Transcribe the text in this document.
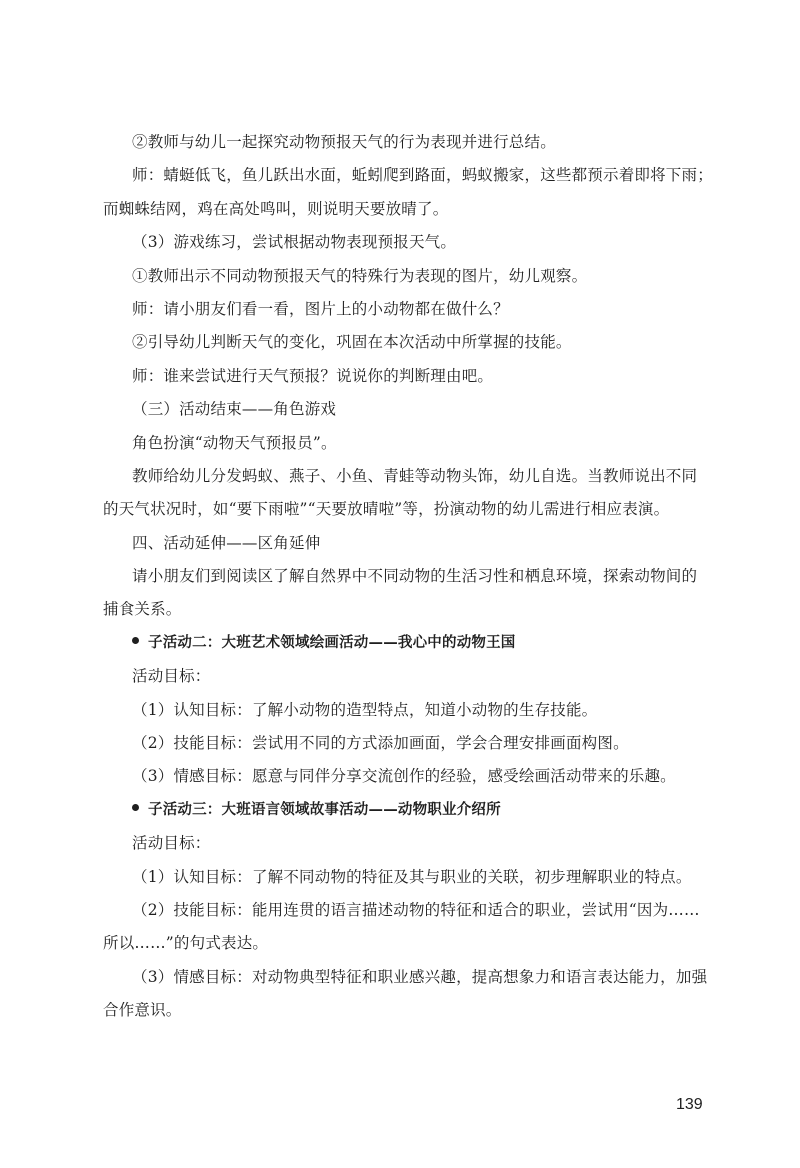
②教师与幼儿一起探究动物预报天气的行为表现并进行总结。
师：蜻蜓低飞，鱼儿跃出水面，蚯蚓爬到路面，蚂蚁搬家，这些都预示着即将下雨；
而蜘蛛结网，鸡在高处鸣叫，则说明天要放晴了。
（3）游戏练习，尝试根据动物表现预报天气。
①教师出示不同动物预报天气的特殊行为表现的图片，幼儿观察。
师：请小朋友们看一看，图片上的小动物都在做什么？
②引导幼儿判断天气的变化，巩固在本次活动中所掌握的技能。
师：谁来尝试进行天气预报？说说你的判断理由吧。
（三）活动结束——角色游戏
角色扮演“动物天气预报员”。
教师给幼儿分发蚂蚁、燕子、小鱼、青蛙等动物头饰，幼儿自选。当教师说出不同
的天气状况时，如“要下雨啦”“天要放晴啦”等，扮演动物的幼儿需进行相应表演。
四、活动延伸——区角延伸
请小朋友们到阅读区了解自然界中不同动物的生活习性和栖息环境，探索动物间的
捕食关系。
子活动二：大班艺术领域绘画活动——我心中的动物王国
活动目标：
（1）认知目标：了解小动物的造型特点，知道小动物的生存技能。
（2）技能目标：尝试用不同的方式添加画面，学会合理安排画面构图。
（3）情感目标：愿意与同伴分享交流创作的经验，感受绘画活动带来的乐趣。
子活动三：大班语言领域故事活动——动物职业介绍所
活动目标：
（1）认知目标：了解不同动物的特征及其与职业的关联，初步理解职业的特点。
（2）技能目标：能用连贯的语言描述动物的特征和适合的职业，尝试用“因为……
所以……”的句式表达。
（3）情感目标：对动物典型特征和职业感兴趣，提高想象力和语言表达能力，加强
合作意识。
139
